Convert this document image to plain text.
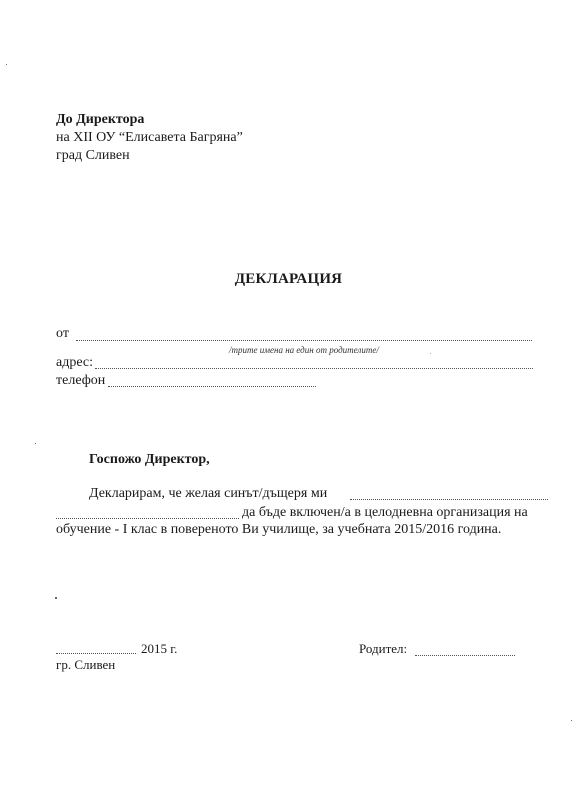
До Директора
на XII ОУ “Елисавета Багряна”
град Сливен
ДЕКЛАРАЦИЯ
от
/трите имена на един от родителите/
адрес:
телефон
Госпожо Директор,
Декларирам, че желая синът/дъщеря ми
да бъде включен/а в целодневна организация на
обучение - I клас в повереното Ви училище, за учебната 2015/2016 година.
2015 г.	Родител:
гр. Сливен
